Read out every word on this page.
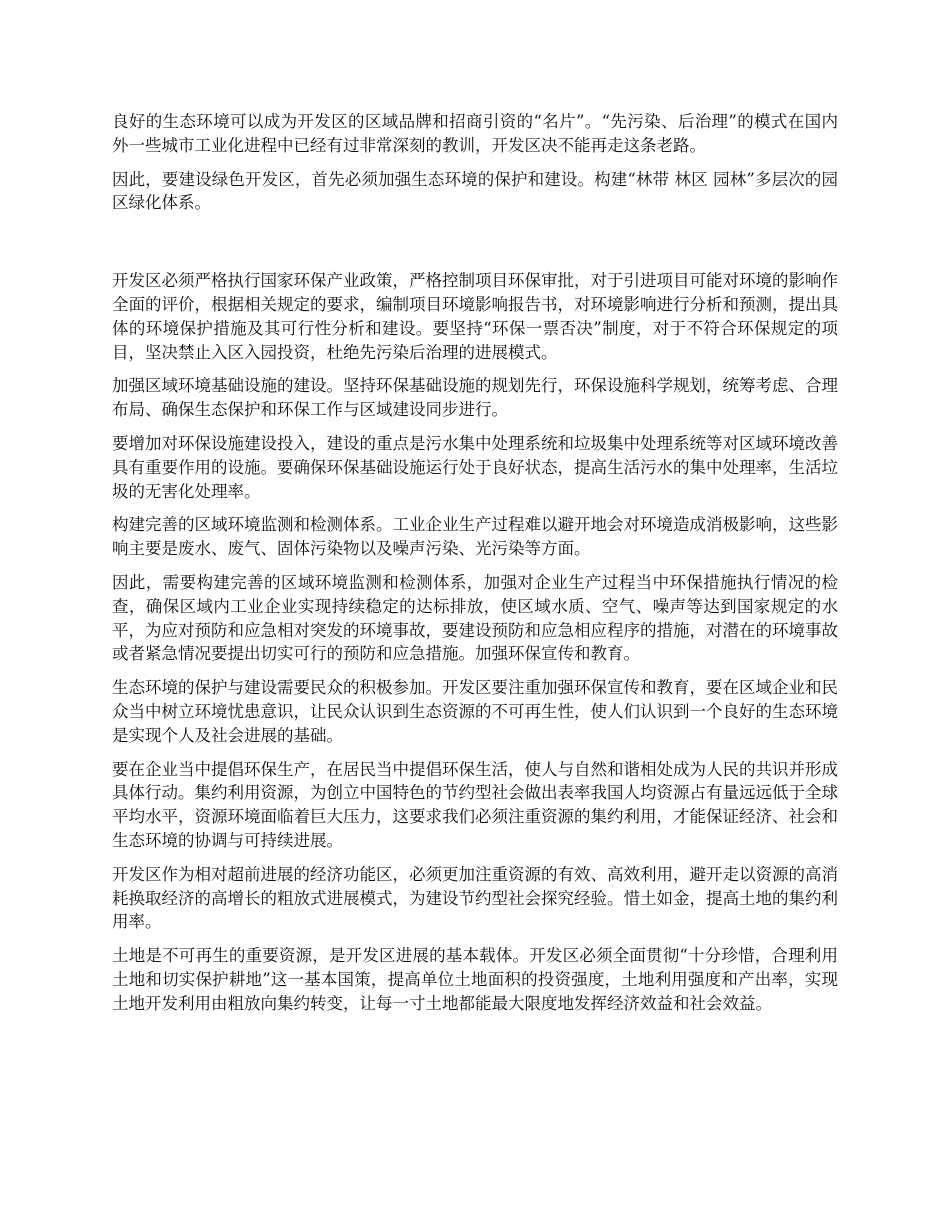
良好的生态环境可以成为开发区的区域品牌和招商引资的“名片”。“先污染、后治理”的模式在国内外一些城市工业化进程中已经有过非常深刻的教训，开发区决不能再走这条老路。

因此，要建设绿色开发区，首先必须加强生态环境的保护和建设。构建“林带 林区 园林”多层次的园区绿化体系。

开发区必须严格执行国家环保产业政策，严格控制项目环保审批，对于引进项目可能对环境的影响作全面的评价，根据相关规定的要求，编制项目环境影响报告书，对环境影响进行分析和预测，提出具体的环境保护措施及其可行性分析和建设。要坚持“环保一票否决”制度，对于不符合环保规定的项目，坚决禁止入区入园投资，杜绝先污染后治理的进展模式。

加强区域环境基础设施的建设。坚持环保基础设施的规划先行，环保设施科学规划，统筹考虑、合理布局、确保生态保护和环保工作与区域建设同步进行。

要增加对环保设施建设投入，建设的重点是污水集中处理系统和垃圾集中处理系统等对区域环境改善具有重要作用的设施。要确保环保基础设施运行处于良好状态，提高生活污水的集中处理率，生活垃圾的无害化处理率。

构建完善的区域环境监测和检测体系。工业企业生产过程难以避开地会对环境造成消极影响，这些影响主要是废水、废气、固体污染物以及噪声污染、光污染等方面。

因此，需要构建完善的区域环境监测和检测体系，加强对企业生产过程当中环保措施执行情况的检查，确保区域内工业企业实现持续稳定的达标排放，使区域水质、空气、噪声等达到国家规定的水平，为应对预防和应急相对突发的环境事故，要建设预防和应急相应程序的措施，对潜在的环境事故或者紧急情况要提出切实可行的预防和应急措施。加强环保宣传和教育。

生态环境的保护与建设需要民众的积极参加。开发区要注重加强环保宣传和教育，要在区域企业和民众当中树立环境忧患意识，让民众认识到生态资源的不可再生性，使人们认识到一个良好的生态环境是实现个人及社会进展的基础。

要在企业当中提倡环保生产，在居民当中提倡环保生活，使人与自然和谐相处成为人民的共识并形成具体行动。集约利用资源，为创立中国特色的节约型社会做出表率我国人均资源占有量远远低于全球平均水平，资源环境面临着巨大压力，这要求我们必须注重资源的集约利用，才能保证经济、社会和生态环境的协调与可持续进展。

开发区作为相对超前进展的经济功能区，必须更加注重资源的有效、高效利用，避开走以资源的高消耗换取经济的高增长的粗放式进展模式，为建设节约型社会探究经验。惜土如金，提高土地的集约利用率。

土地是不可再生的重要资源，是开发区进展的基本载体。开发区必须全面贯彻“十分珍惜，合理利用土地和切实保护耕地”这一基本国策，提高单位土地面积的投资强度，土地利用强度和产出率，实现土地开发利用由粗放向集约转变，让每一寸土地都能最大限度地发挥经济效益和社会效益。
